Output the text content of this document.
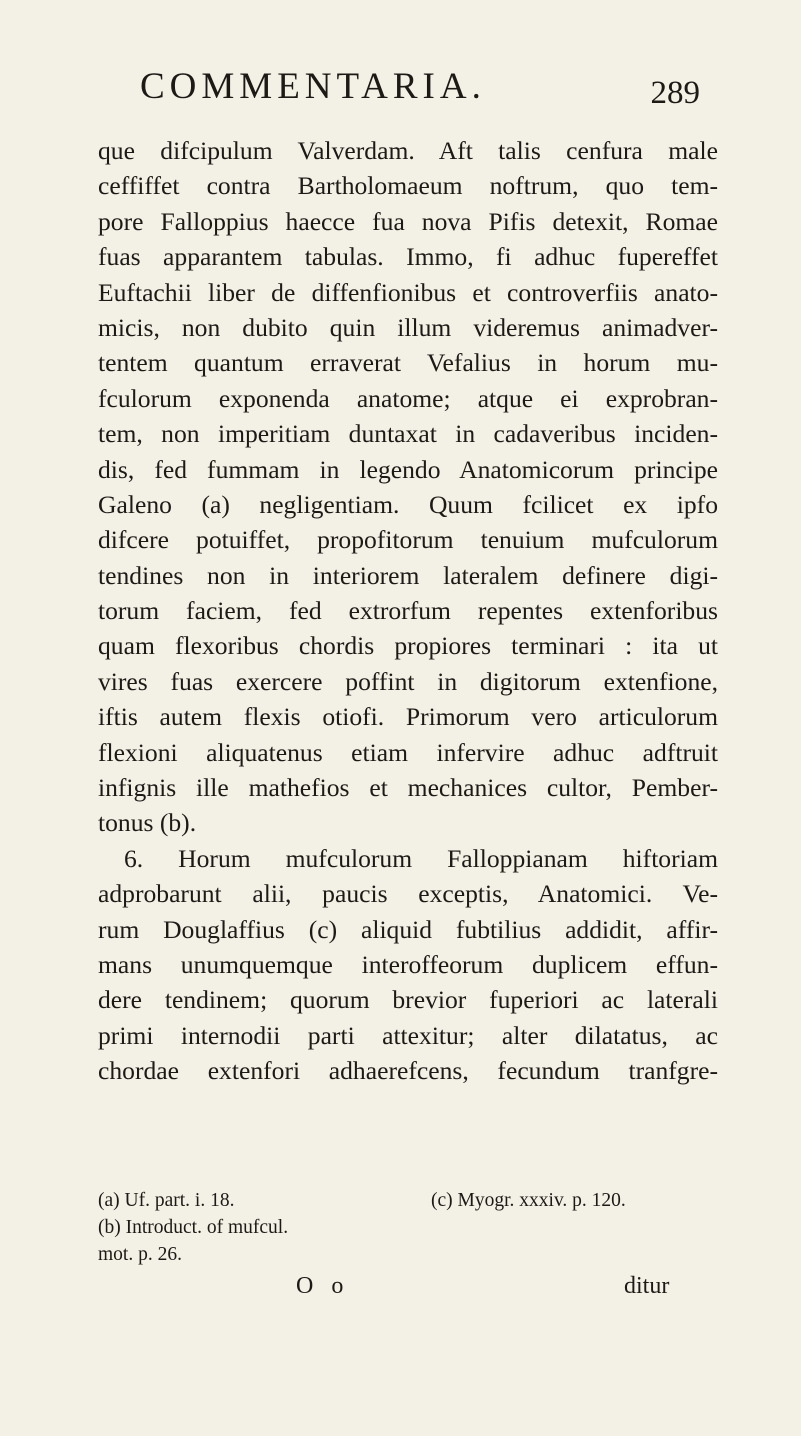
COMMENTARIA.	289
que difcipulum Valverdam. Aft talis cenfura male
ceffiffet contra Bartholomaeum noftrum, quo tem-
pore Falloppius haecce fua nova Pifis detexit, Romae
fuas apparantem tabulas. Immo, fi adhuc fupereffet
Euftachii liber de diffenfionibus et controverfiis anato-
micis, non dubito quin illum videremus animadver-
tentem quantum erraverat Vefalius in horum mu-
fculorum exponenda anatome; atque ei exprobran-
tem, non imperitiam duntaxat in cadaveribus inciden-
dis, fed fummam in legendo Anatomicorum principe
Galeno (a) negligentiam. Quum fcilicet ex ipfo
difcere potuiffet, propofitorum tenuium mufculorum
tendines non in interiorem lateralem definere digi-
torum faciem, fed extrorfum repentes extenforibus
quam flexoribus chordis propiores terminari : ita ut
vires fuas exercere poffint in digitorum extenfione,
iftis autem flexis otiofi. Primorum vero articulorum
flexioni aliquatenus etiam infervire adhuc adftruit
infignis ille mathefios et mechanices cultor, Pember-
tonus (b).
6. Horum mufculorum Falloppianam hiftoriam
adprobarunt alii, paucis exceptis, Anatomici. Ve-
rum Douglaffius (c) aliquid fubtilius addidit, affir-
mans unumquemque interoffeorum duplicem effun-
dere tendinem; quorum brevior fuperiori ac laterali
primi internodii parti attexitur; alter dilatatus, ac
chordae extenfori adhaerefcens, fecundum tranfgre-
(a) Uf. part. i. 18.	(c) Myogr. xxxiv. p. 120.
(b) Introduct. of mufcul.
mot. p. 26.
O o	ditur
